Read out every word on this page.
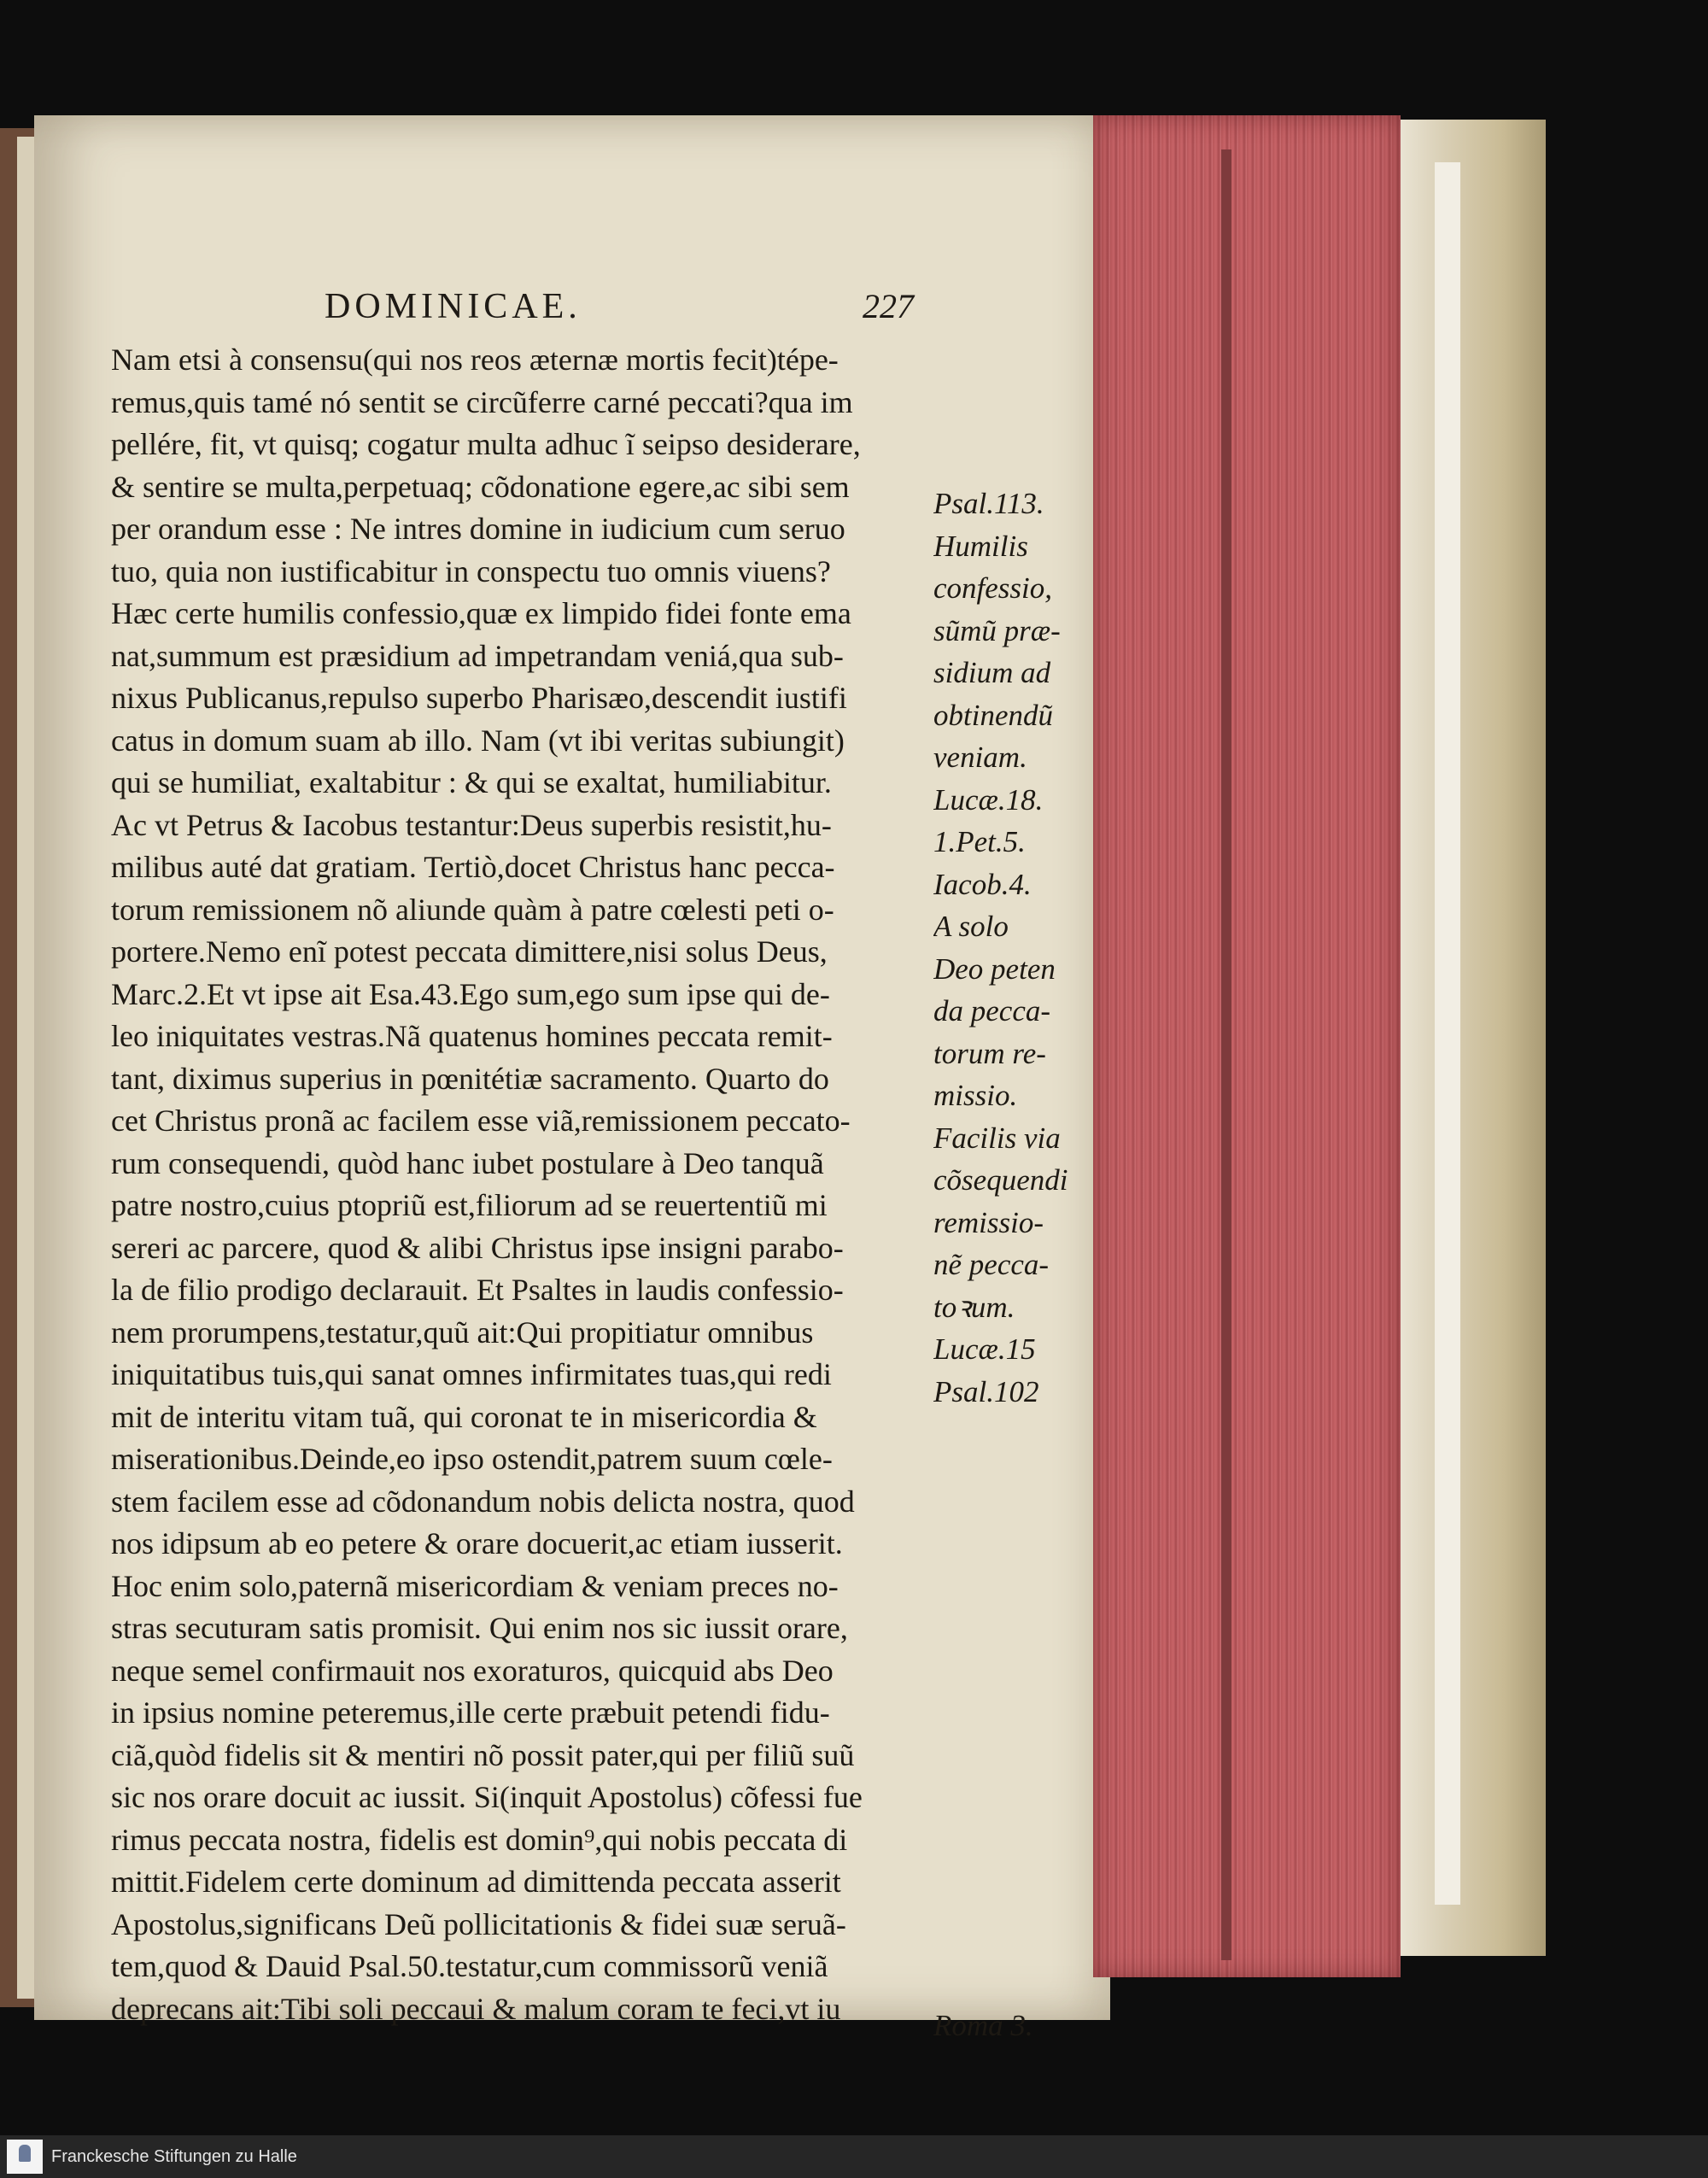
DOMINICAE.	227
Nam etsi à consensu(qui nos reos æternæ mortis fecit)tépe-
remus,quis tamé nó sentit se circũferre carné peccati?qua im
pellére, fit, vt quisq; cogatur multa adhuc ĩ seipso desiderare,
& sentire se multa,perpetuaq; cõdonatione egere,ac sibi sem
per orandum esse : Ne intres domine in iudicium cum seruo
tuo, quia non iustificabitur in conspectu tuo omnis viuens?
Hæc certe humilis confessio,quæ ex limpido fidei fonte ema
nat,summum est præsidium ad impetrandam veniá,qua sub-
nixus Publicanus,repulso superbo Pharisæo,descendit iustifi
catus in domum suam ab illo. Nam (vt ibi veritas subiungit)
qui se humiliat, exaltabitur : & qui se exaltat, humiliabitur.
Ac vt Petrus & Iacobus testantur:Deus superbis resistit,hu-
milibus auté dat gratiam. Tertiò,docet Christus hanc pecca-
torum remissionem nõ aliunde quàm à patre cœlesti peti o-
portere.Nemo enĩ potest peccata dimittere,nisi solus Deus,
Marc.2.Et vt ipse ait Esa.43.Ego sum,ego sum ipse qui de-
leo iniquitates vestras.Nã quatenus homines peccata remit-
tant, diximus superius in pœnitétiæ sacramento. Quarto do
cet Christus pronã ac facilem esse viã,remissionem peccato-
rum consequendi, quòd hanc iubet postulare à Deo tanquã
patre nostro,cuius ptopriũ est,filiorum ad se reuertentiũ mi
sereri ac parcere, quod & alibi Christus ipse insigni parabo-
la de filio prodigo declarauit. Et Psaltes in laudis confessio-
nem prorumpens,testatur,quũ ait:Qui propitiatur omnibus
iniquitatibus tuis,qui sanat omnes infirmitates tuas,qui redi
mit de interitu vitam tuã, qui coronat te in misericordia &
miserationibus.Deinde,eo ipso ostendit,patrem suum cœle-
stem facilem esse ad cõdonandum nobis delicta nostra, quod
nos idipsum ab eo petere & orare docuerit,ac etiam iusserit.
Hoc enim solo,paternã misericordiam & veniam preces no-
stras secuturam satis promisit. Qui enim nos sic iussit orare,
neque semel confirmauit nos exoraturos, quicquid abs Deo
in ipsius nomine peteremus,ille certe præbuit petendi fidu-
ciã,quòd fidelis sit & mentiri nõ possit pater,qui per filiũ suũ
sic nos orare docuit ac iussit. Si(inquit Apostolus) cõfessi fue
rimus peccata nostra, fidelis est domin⁹,qui nobis peccata di
mittit.Fidelem certe dominum ad dimittenda peccata asserit
Apostolus,significans Deũ pollicitationis & fidei suæ seruã-
tem,quod & Dauid Psal.50.testatur,cum commissorũ veniã
deprecans ait:Tibi soli peccaui & malum coram te feci,vt iu
Psal.113.
Humilis
confessio,
sũmũ præ-
sidium ad
obtinendũ
veniam.
Lucæ.18.
1.Pet.5.
Iacob.4.
A solo
Deo peten
da pecca-
torum re-
missio.
Facilis via
cõsequendi
remissio-
nẽ pecca-
toꝛum.
Lucæ.15
Psal.102
Roma 3.
Franckesche Stiftungen zu Halle
